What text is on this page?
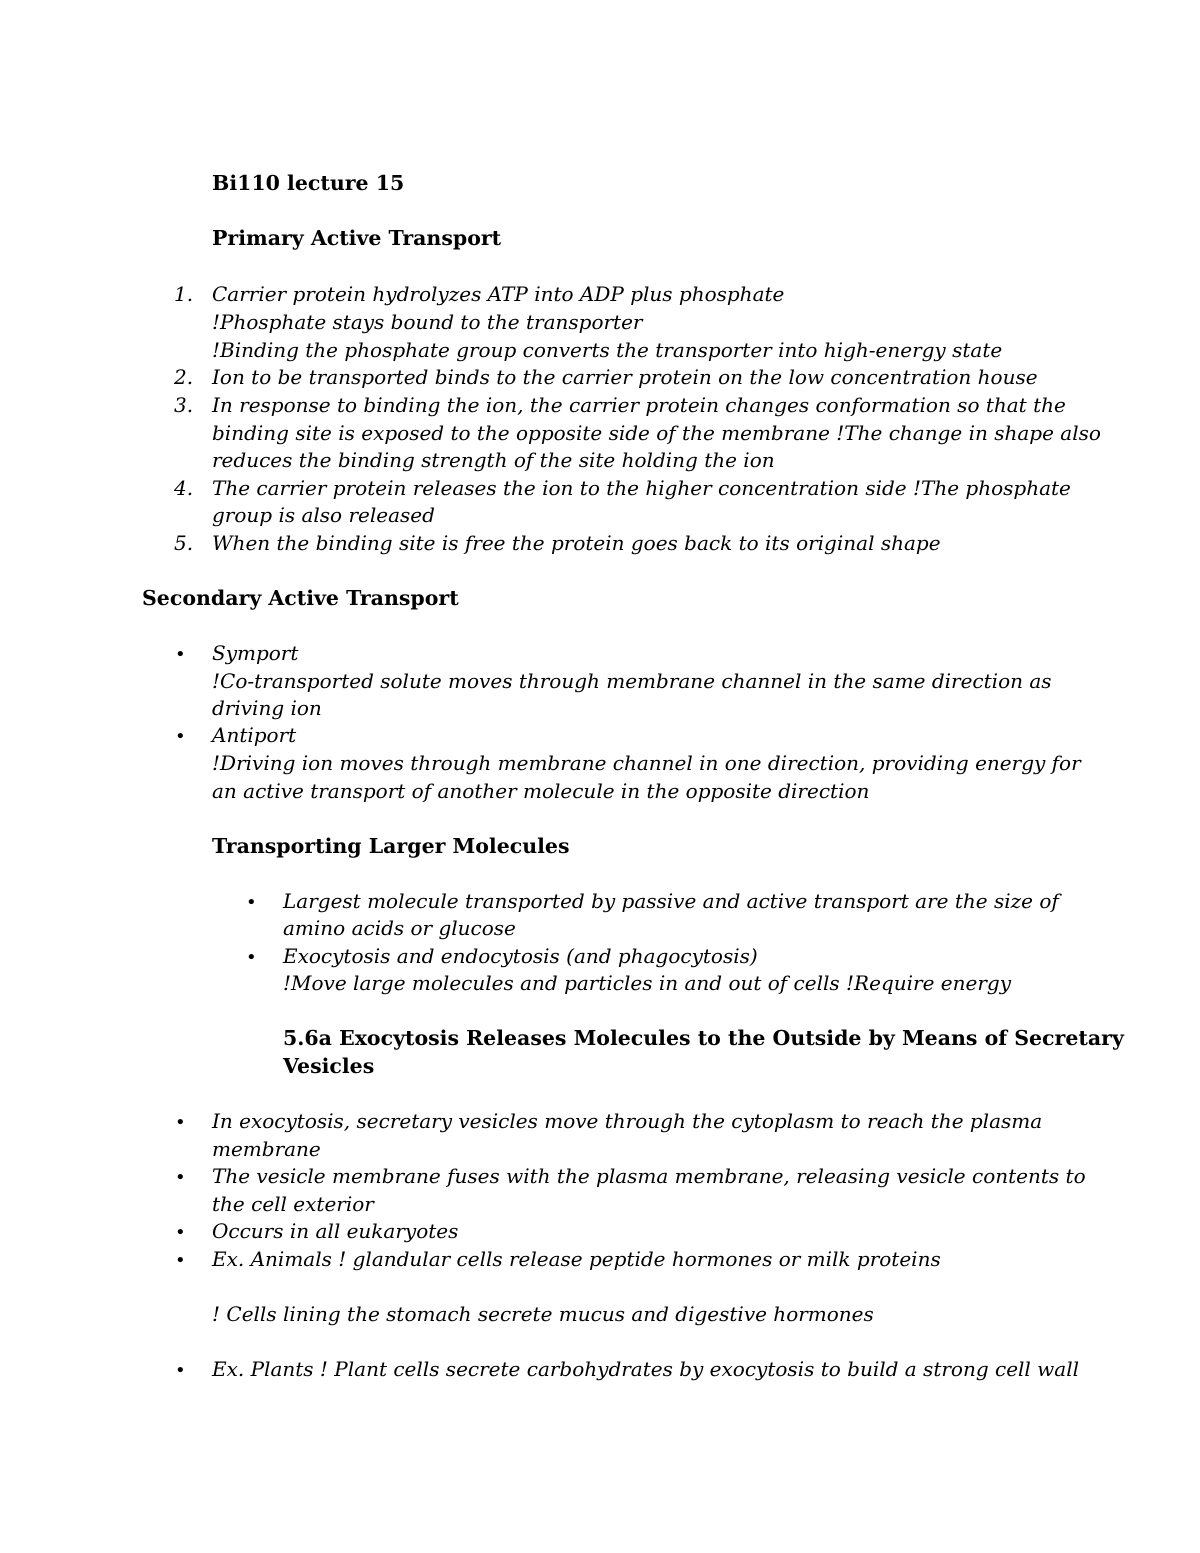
Bi110 lecture 15
Primary Active Transport
1. Carrier protein hydrolyzes ATP into ADP plus phosphate
!Phosphate stays bound to the transporter
!Binding the phosphate group converts the transporter into high-energy state
2. Ion to be transported binds to the carrier protein on the low concentration house
3. In response to binding the ion, the carrier protein changes conformation so that the
binding site is exposed to the opposite side of the membrane !The change in shape also
reduces the binding strength of the site holding the ion
4. The carrier protein releases the ion to the higher concentration side !The phosphate
group is also released
5. When the binding site is free the protein goes back to its original shape
Secondary Active Transport
• Symport
!Co-transported solute moves through membrane channel in the same direction as
driving ion
• Antiport
!Driving ion moves through membrane channel in one direction, providing energy for
an active transport of another molecule in the opposite direction
Transporting Larger Molecules
• Largest molecule transported by passive and active transport are the size of
amino acids or glucose
• Exocytosis and endocytosis (and phagocytosis)
!Move large molecules and particles in and out of cells !Require energy
5.6a Exocytosis Releases Molecules to the Outside by Means of Secretary
Vesicles
• In exocytosis, secretary vesicles move through the cytoplasm to reach the plasma
membrane
• The vesicle membrane fuses with the plasma membrane, releasing vesicle contents to
the cell exterior
• Occurs in all eukaryotes
• Ex. Animals ! glandular cells release peptide hormones or milk proteins
! Cells lining the stomach secrete mucus and digestive hormones
• Ex. Plants ! Plant cells secrete carbohydrates by exocytosis to build a strong cell wall
